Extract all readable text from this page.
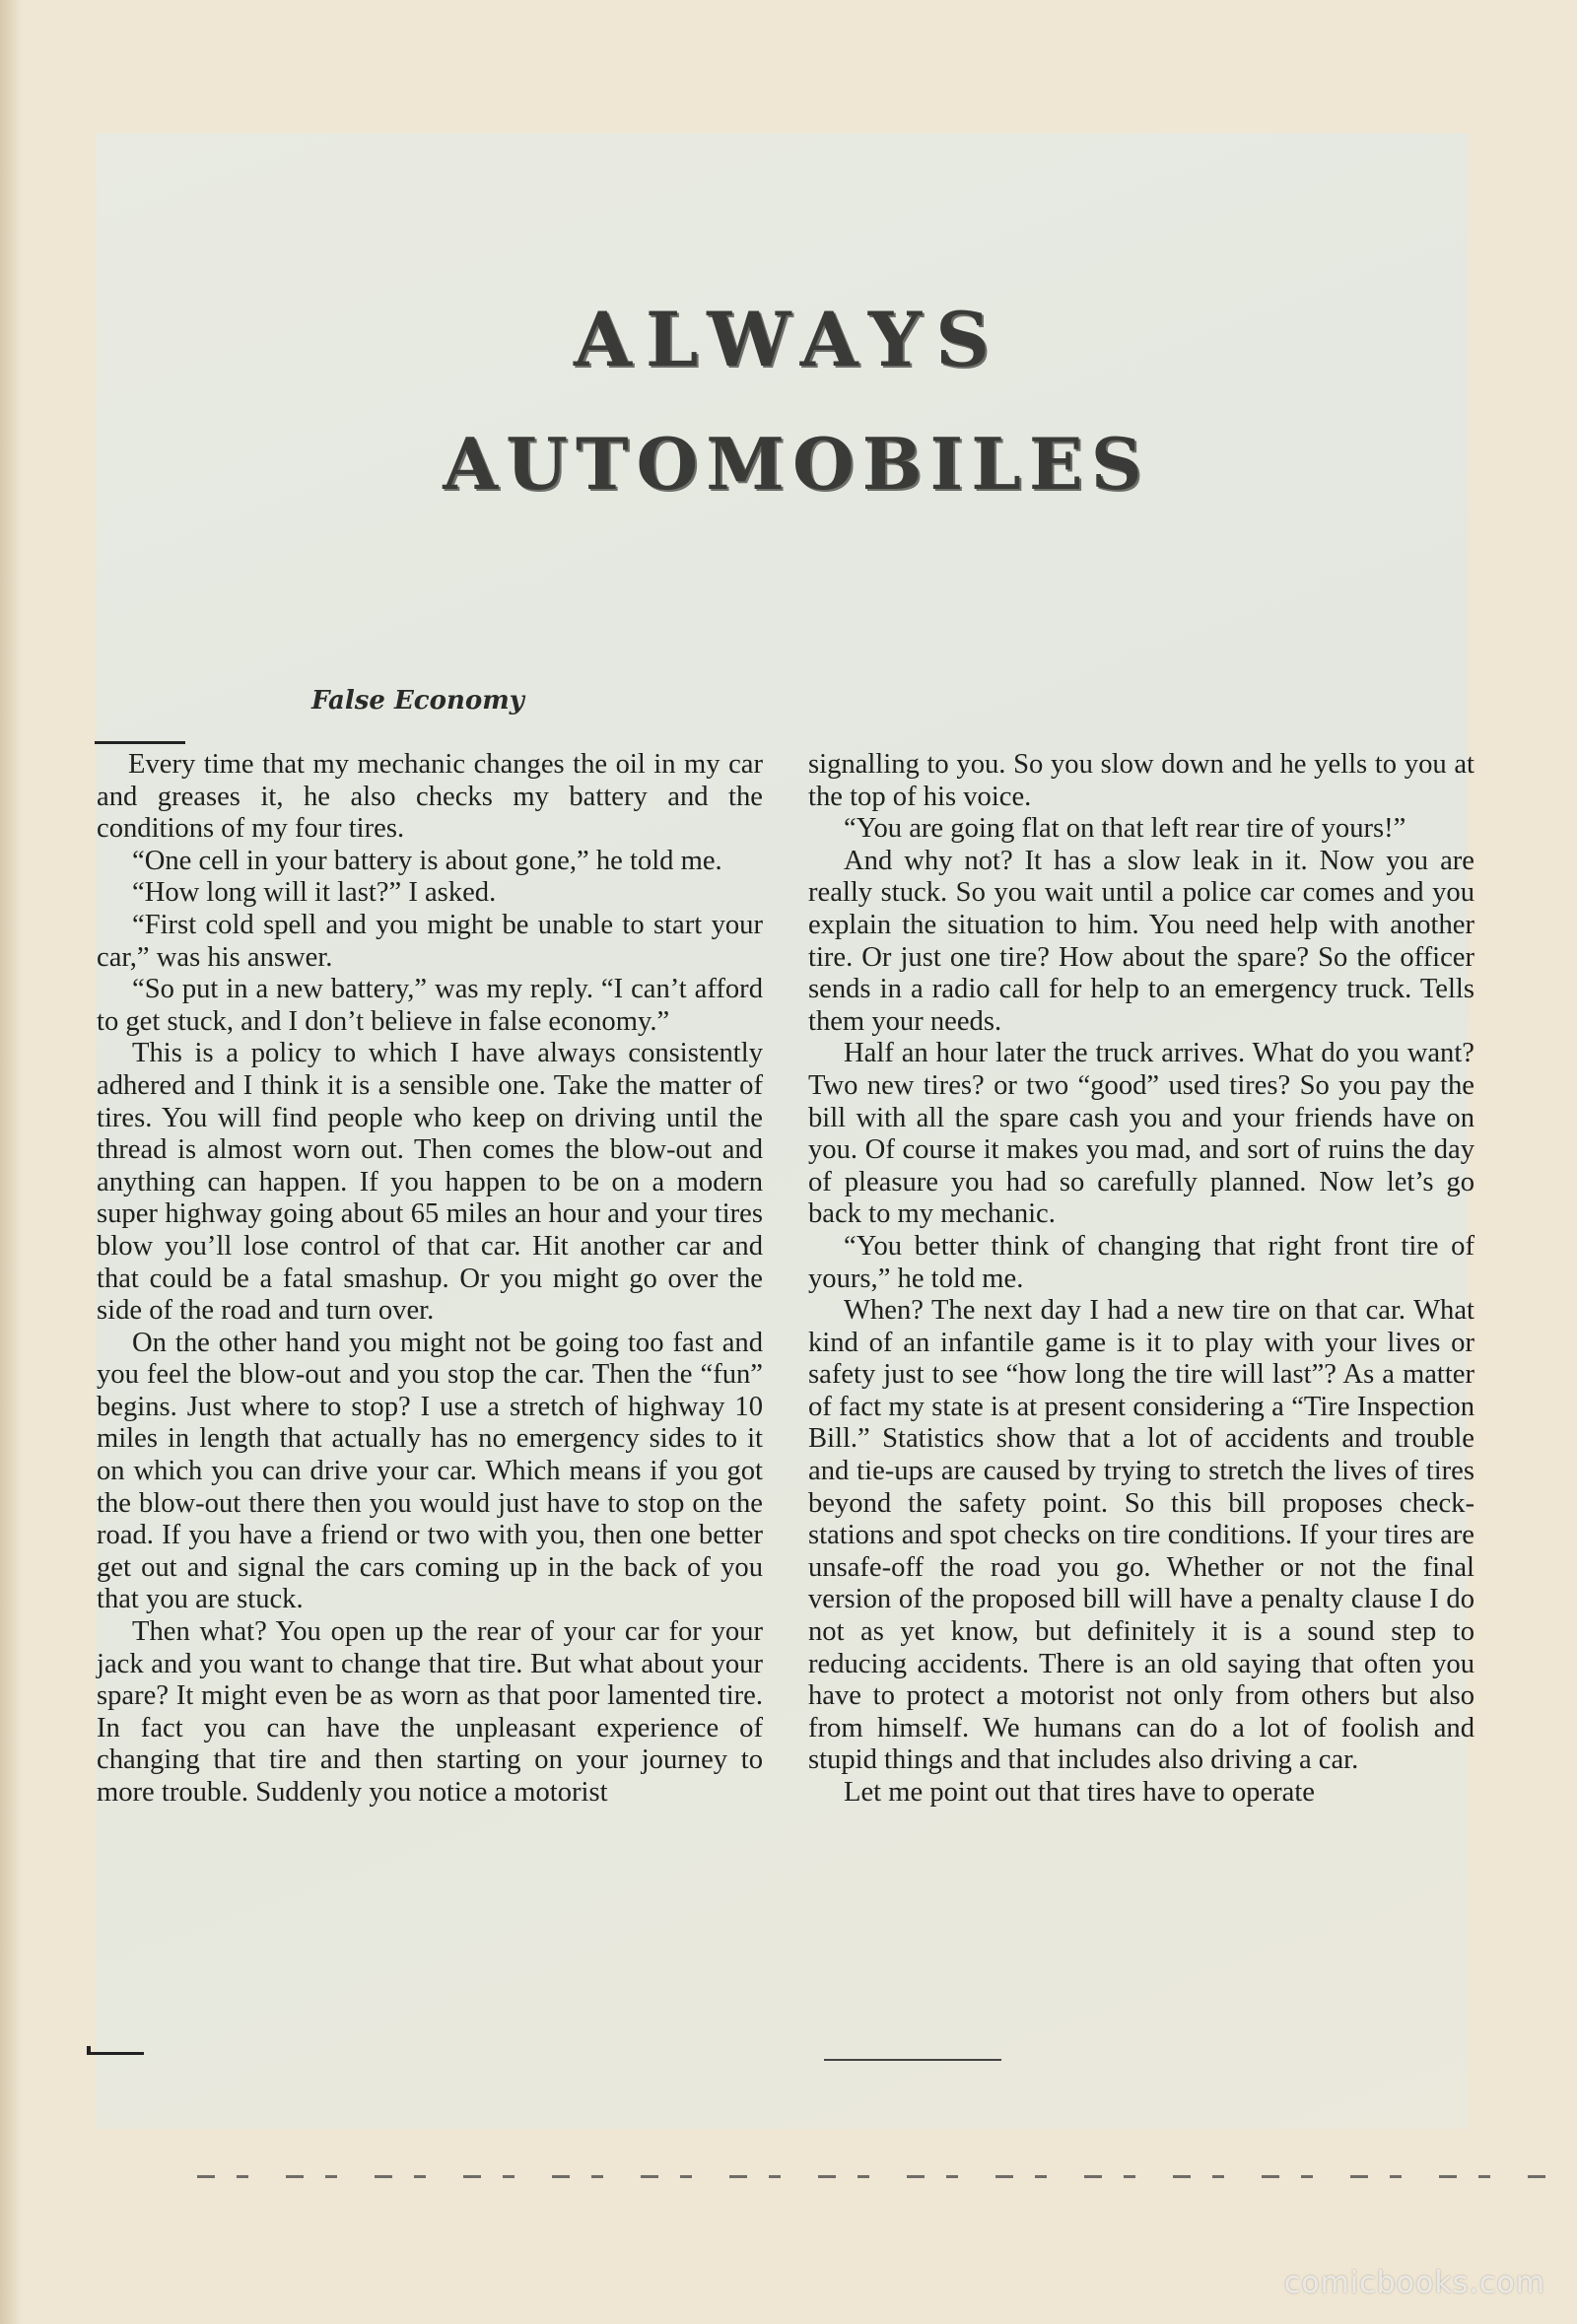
ALWAYS
AUTOMOBILES
False Economy

Every time that my mechanic changes the oil in my car and greases it, he also checks my battery and the conditions of my four tires.

“One cell in your battery is about gone,” he told me.

“How long will it last?” I asked.

“First cold spell and you might be unable to start your car,” was his answer.

“So put in a new battery,” was my reply. “I can’t afford to get stuck, and I don’t believe in false economy.”

This is a policy to which I have always consistently adhered and I think it is a sensible one. Take the matter of tires. You will find people who keep on driving until the thread is almost worn out. Then comes the blow-out and anything can happen. If you happen to be on a modern super highway going about 65 miles an hour and your tires blow you’ll lose control of that car. Hit another car and that could be a fatal smashup. Or you might go over the side of the road and turn over.

On the other hand you might not be going too fast and you feel the blow-out and you stop the car. Then the “fun” begins. Just where to stop? I use a stretch of highway 10 miles in length that actually has no emergency sides to it on which you can drive your car. Which means if you got the blow-out there then you would just have to stop on the road. If you have a friend or two with you, then one better get out and signal the cars coming up in the back of you that you are stuck.

Then what? You open up the rear of your car for your jack and you want to change that tire. But what about your spare? It might even be as worn as that poor lamented tire. In fact you can have the unpleasant experience of changing that tire and then starting on your journey to more trouble. Suddenly you notice a motorist

signalling to you. So you slow down and he yells to you at the top of his voice.

“You are going flat on that left rear tire of yours!”

And why not? It has a slow leak in it. Now you are really stuck. So you wait until a police car comes and you explain the situation to him. You need help with another tire. Or just one tire? How about the spare? So the officer sends in a radio call for help to an emergency truck. Tells them your needs.

Half an hour later the truck arrives. What do you want? Two new tires? or two “good” used tires? So you pay the bill with all the spare cash you and your friends have on you. Of course it makes you mad, and sort of ruins the day of pleasure you had so carefully planned. Now let’s go back to my mechanic.

“You better think of changing that right front tire of yours,” he told me.

When? The next day I had a new tire on that car. What kind of an infantile game is it to play with your lives or safety just to see “how long the tire will last”? As a matter of fact my state is at present considering a “Tire Inspection Bill.” Statistics show that a lot of accidents and trouble and tie-ups are caused by trying to stretch the lives of tires beyond the safety point. So this bill proposes check-stations and spot checks on tire conditions. If your tires are unsafe-off the road you go. Whether or not the final version of the proposed bill will have a penalty clause I do not as yet know, but definitely it is a sound step to reducing accidents. There is an old saying that often you have to protect a motorist not only from others but also from himself. We humans can do a lot of foolish and stupid things and that includes also driving a car.

Let me point out that tires have to operate

comicbooks.com
